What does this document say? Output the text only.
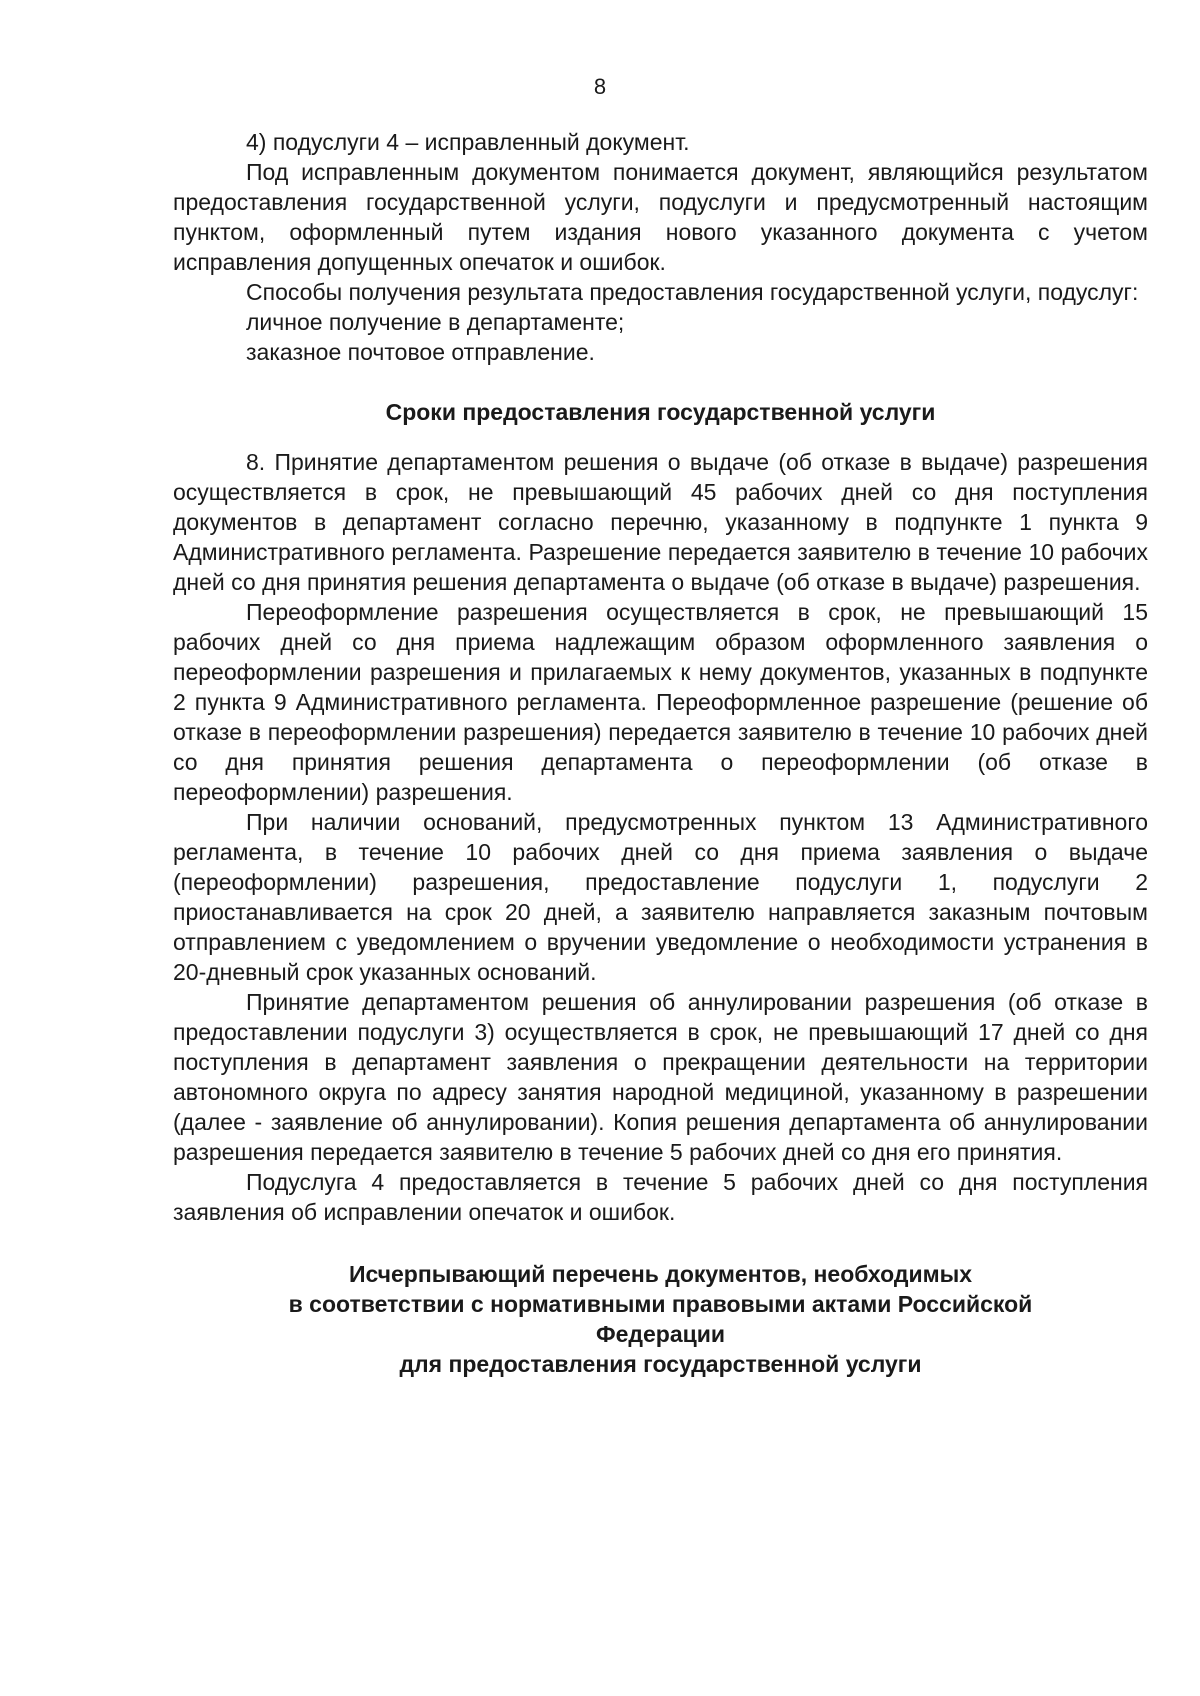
8

4) подуслуги 4 – исправленный документ.

Под исправленным документом понимается документ, являющийся результатом предоставления государственной услуги, подуслуги и предусмотренный настоящим пунктом, оформленный путем издания нового указанного документа с учетом исправления допущенных опечаток и ошибок.

Способы получения результата предоставления государственной услуги, подуслуг:

личное получение в департаменте;

заказное почтовое отправление.

Сроки предоставления государственной услуги

8. Принятие департаментом решения о выдаче (об отказе в выдаче) разрешения осуществляется в срок, не превышающий 45 рабочих дней со дня поступления документов в департамент согласно перечню, указанному в подпункте 1 пункта 9 Административного регламента. Разрешение передается заявителю в течение 10 рабочих дней со дня принятия решения департамента о выдаче (об отказе в выдаче) разрешения.

Переоформление разрешения осуществляется в срок, не превышающий 15 рабочих дней со дня приема надлежащим образом оформленного заявления о переоформлении разрешения и прилагаемых к нему документов, указанных в подпункте 2 пункта 9 Административного регламента. Переоформленное разрешение (решение об отказе в переоформлении разрешения) передается заявителю в течение 10 рабочих дней со дня принятия решения департамента о переоформлении (об отказе в переоформлении) разрешения.

При наличии оснований, предусмотренных пунктом 13 Административного регламента, в течение 10 рабочих дней со дня приема заявления о выдаче (переоформлении) разрешения, предоставление подуслуги 1, подуслуги 2 приостанавливается на срок 20 дней, а заявителю направляется заказным почтовым отправлением с уведомлением о вручении уведомление о необходимости устранения в 20-дневный срок указанных оснований.

Принятие департаментом решения об аннулировании разрешения (об отказе в предоставлении подуслуги 3) осуществляется в срок, не превышающий 17 дней со дня поступления в департамент заявления о прекращении деятельности на территории автономного округа по адресу занятия народной медициной, указанному в разрешении (далее - заявление об аннулировании). Копия решения департамента об аннулировании разрешения передается заявителю в течение 5 рабочих дней со дня его принятия.

Подуслуга 4 предоставляется в течение 5 рабочих дней со дня поступления заявления об исправлении опечаток и ошибок.

Исчерпывающий перечень документов, необходимых

в соответствии с нормативными правовыми актами Российской

Федерации

для предоставления государственной услуги
